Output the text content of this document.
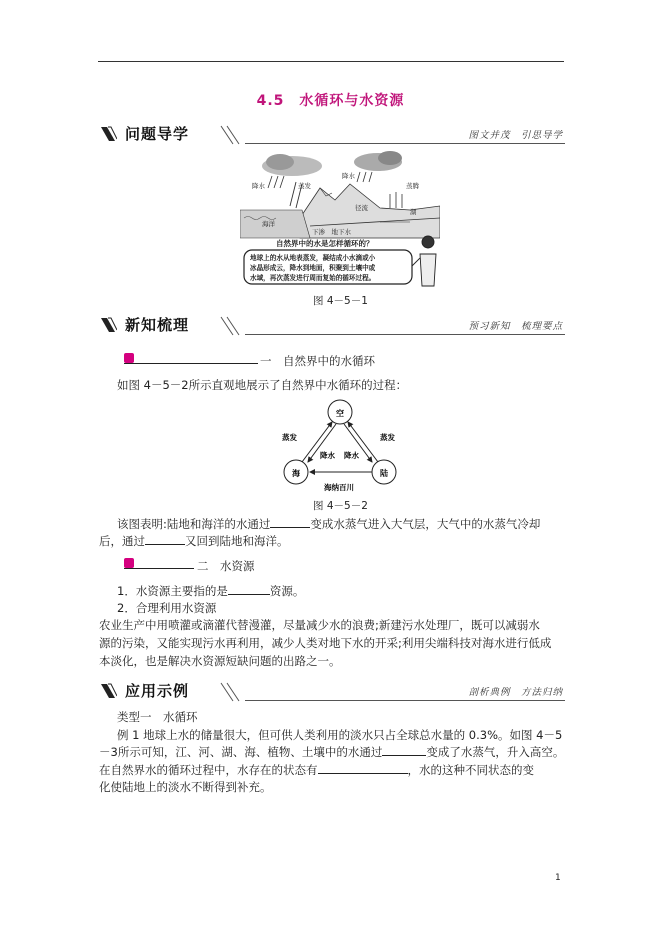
4.5　水循环与水资源
问题导学	图文并茂　引思导学
降水	蒸发
降水
蒸腾
径流
海洋
湖
下渗　地下水
自然界中的水是怎样循环的？
地球上的水从地表蒸发，凝结成小水滴或小
冰晶形成云，降水到地面，积聚到土壤中或
水域，再次蒸发进行周而复始的循环过程。
图 4－5－1
新知梳理	预习新知　梳理要点
一　 自然界中的水循环
如图 4－5－2所示直观地展示了自然界中水循环的过程：
空
海	陆
蒸发	蒸发
降水 降水
海纳百川
图 4－5－2
该图表明:陆地和海洋的水通过	变成水蒸气进入大气层，大气中的水蒸气冷却
后，通过	又回到陆地和海洋。
二　 水资源
1．水资源主要指的是	资源。
2．合理利用水资源
农业生产中用喷灌或滴灌代替漫灌，尽量减少水的浪费;新建污水处理厂，既可以减弱水
源的污染，又能实现污水再利用，减少人类对地下水的开采;利用尖端科技对海水进行低成
本淡化，也是解决水资源短缺问题的出路之一。
应用示例	剖析典例　方法归纳
类型一　水循环
例 1 地球上水的储量很大，但可供人类利用的淡水只占全球总水量的 0.3%。如图 4－5
－3所示可知，江、河、湖、海、植物、土壤中的水通过	变成了水蒸气，升入高空。
在自然界水的循环过程中，水存在的状态有	，水的这种不同状态的变
化使陆地上的淡水不断得到补充。
1
